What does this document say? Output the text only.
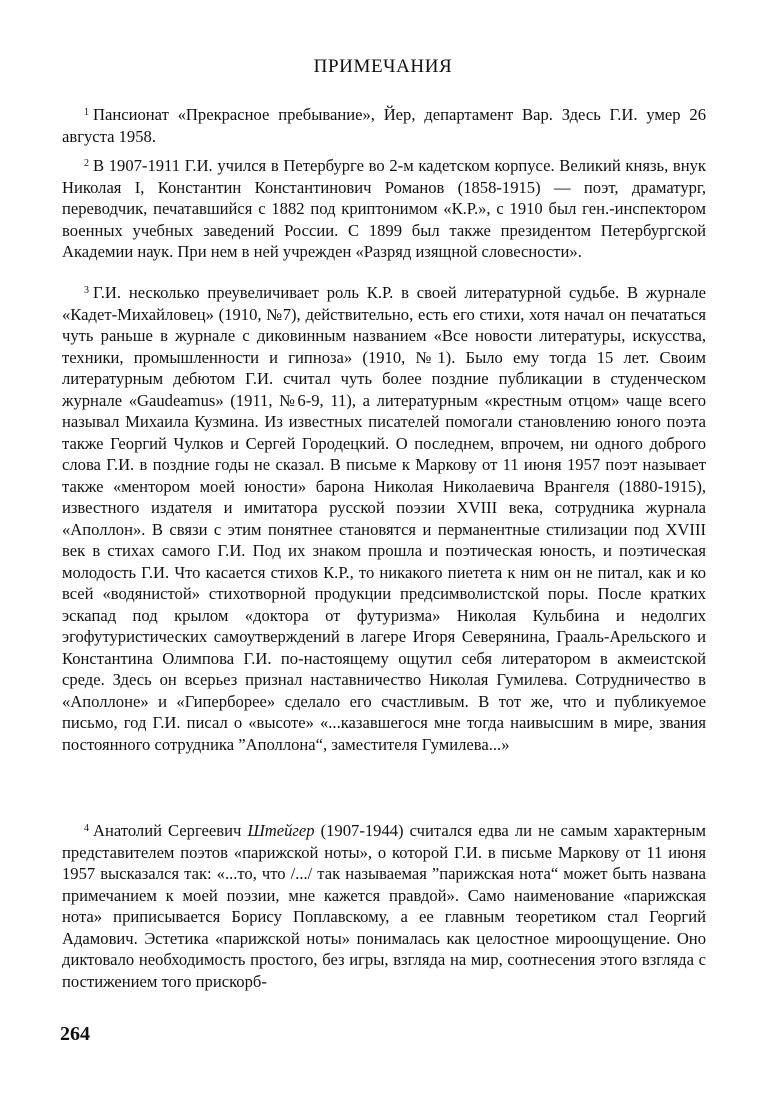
ПРИМЕЧАНИЯ

$^1$ Пансионат «Прекрасное пребывание», Йер, департамент Вар. Здесь Г.И. умер 26 августа 1958.

$^2$ В 1907-1911 Г.И. учился в Петербурге во 2-м кадетском корпусе. Великий князь, внук Николая I, Константин Константинович Романов (1858-1915) — поэт, драматург, переводчик, печатавшийся с 1882 под криптонимом «К.Р.», с 1910 был ген.-инспектором военных учебных заведений России. С 1899 был также президентом Петербургской Академии наук. При нем в ней учрежден «Разряд изящной словесности».

$^3$ Г.И. несколько преувеличивает роль К.Р. в своей литературной судьбе. В журнале «Кадет-Михайловец» (1910, №7), действительно, есть его стихи, хотя начал он печататься чуть раньше в журнале с диковинным названием «Все новости литературы, искусства, техники, промышленности и гипноза» (1910, №1). Было ему тогда 15 лет. Своим литературным дебютом Г.И. считал чуть более поздние публикации в студенческом журнале «Gaudeamus» (1911, №6-9, 11), а литературным «крестным отцом» чаще всего называл Михаила Кузмина. Из известных писателей помогали становлению юного поэта также Георгий Чулков и Сергей Городецкий. О последнем, впрочем, ни одного доброго слова Г.И. в поздние годы не сказал. В письме к Маркову от 11 июня 1957 поэт называет также «ментором моей юности» барона Николая Николаевича Врангеля (1880-1915), известного издателя и имитатора русской поэзии XVIII века, сотрудника журнала «Аполлон». В связи с этим понятнее становятся и перманентные стилизации под XVIII век в стихах самого Г.И. Под их знаком прошла и поэтическая юность, и поэтическая молодость Г.И. Что касается стихов К.Р., то никакого пиетета к ним он не питал, как и ко всей «водянистой» стихотворной продукции предсимволистской поры. После кратких эскапад под крылом «доктора от футуризма» Николая Кульбина и недолгих эгофутуристических самоутверждений в лагере Игоря Северянина, Грааль-Арельского и Константина Олимпова Г.И. по-настоящему ощутил себя литератором в акмеистской среде. Здесь он всерьез признал наставничество Николая Гумилева. Сотрудничество в «Аполлоне» и «Гиперборее» сделало его счастливым. В тот же, что и публикуемое письмо, год Г.И. писал о «высоте» «...казавшегося мне тогда наивысшим в мире, звания постоянного сотрудника ”Аполлона“, заместителя Гумилева...»

$^4$ Анатолий Сергеевич Штейгер (1907-1944) считался едва ли не самым характерным представителем поэтов «парижской ноты», о которой Г.И. в письме Маркову от 11 июня 1957 высказался так: «...то, что /.../ так называемая ”парижская нота“ может быть названа примечанием к моей поэзии, мне кажется правдой». Само наименование «парижская нота» приписывается Борису Поплавскому, а ее главным теоретиком стал Георгий Адамович. Эстетика «парижской ноты» понималась как целостное мироощущение. Оно диктовало необходимость простого, без игры, взгляда на мир, соотнесения этого взгляда с постижением того прискорб-

264
